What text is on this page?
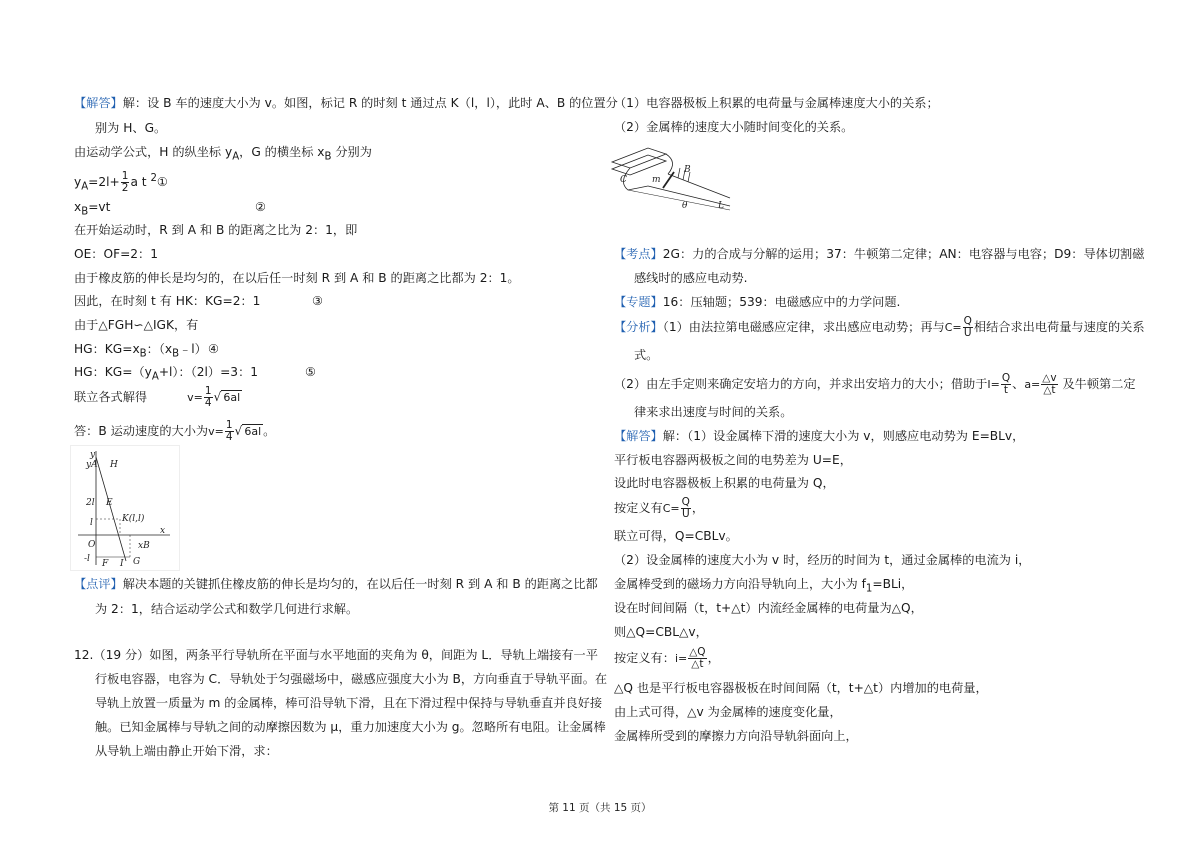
【解答】解：设 B 车的速度大小为 v。如图，标记 R 的时刻 t 通过点 K（l，l），此时 A、B 的位置分
别为 H、G。
由运动学公式，H 的纵坐标 $y_A$，G 的横坐标 $x_B$ 分别为
$y_A=2l+ \frac{1}{2}$ a t $^2$①
$x_B=vt$	②
在开始运动时，R 到 A 和 B 的距离之比为 2：1，即
OE：OF=2：1
由于橡皮筋的伸长是均匀的，在以后任一时刻 R 到 A 和 B 的距离之比都为 2：1。
因此，在时刻 t 有 HK：KG=2：1	③
由于△FGH∽△IGK，有
HG：$KG=x_B$：$(x_B﹣l)$ ④
HG：$KG=(y_A+l)$：（2l）=3：1	⑤
联立各式解得	$v= \frac{1}{4}$ √ 6al
答：B 运动速度的大小为$v= \frac{1}{4}$ √ 6al 。
y
yA H
2l E
K(l,l)
l
x
O	xB
-l F I G
【点评】解决本题的关键抓住橡皮筋的伸长是均匀的，在以后任一时刻 R 到 A 和 B 的距离之比都
为 2：1，结合运动学公式和数学几何进行求解。
12.（19 分）如图，两条平行导轨所在平面与水平地面的夹角为 θ，间距为 L．导轨上端接有一平
行板电容器，电容为 C．导轨处于匀强磁场中，磁感应强度大小为 B，方向垂直于导轨平面。在
导轨上放置一质量为 m 的金属棒，棒可沿导轨下滑，且在下滑过程中保持与导轨垂直并良好接
触。已知金属棒与导轨之间的动摩擦因数为 μ，重力加速度大小为 g。忽略所有电阻。让金属棒
从导轨上端由静止开始下滑，求：
（1）电容器极板上积累的电荷量与金属棒速度大小的关系；
（2）金属棒的速度大小随时间变化的关系。
C	m
B
θ	L
【考点】2G：力的合成与分解的运用；37：牛顿第二定律；AN：电容器与电容；D9：导体切割磁
感线时的感应电动势.
【专题】16：压轴题；539：电磁感应中的力学问题.
【分析】（1）由法拉第电磁感应定律，求出感应电动势；再与$C= \frac{Q}{U}$ 相结合求出电荷量与速度的关系
式。
（2）由左手定则来确定安培力的方向，并求出安培力的大小；借助于$I= \frac{Q}{t}$ 、$a= \frac{\triangle v}{\triangle t}$ 及牛顿第二定
律来求出速度与时间的关系。
【解答】解：（1）设金属棒下滑的速度大小为 v，则感应电动势为 E=BLv，
平行板电容器两极板之间的电势差为 U=E，
设此时电容器极板上积累的电荷量为 Q，
按定义有$C= \frac{Q}{U}$ ，
联立可得，Q=CBLv。
（2）设金属棒的速度大小为 v 时，经历的时间为 t，通过金属棒的电流为 i，
金属棒受到的磁场力方向沿导轨向上，大小为 $f_1=BLi$，
设在时间间隔（t，t+△t）内流经金属棒的电荷量为△Q，
则△Q=CBL△v，
按定义有：$i= \frac{\triangle Q}{\triangle t}$ ，
△Q 也是平行板电容器极板在时间间隔（t，t+△t）内增加的电荷量，
由上式可得，△v 为金属棒的速度变化量，
金属棒所受到的摩擦力方向沿导轨斜面向上，
第 11 页（共 15 页）
